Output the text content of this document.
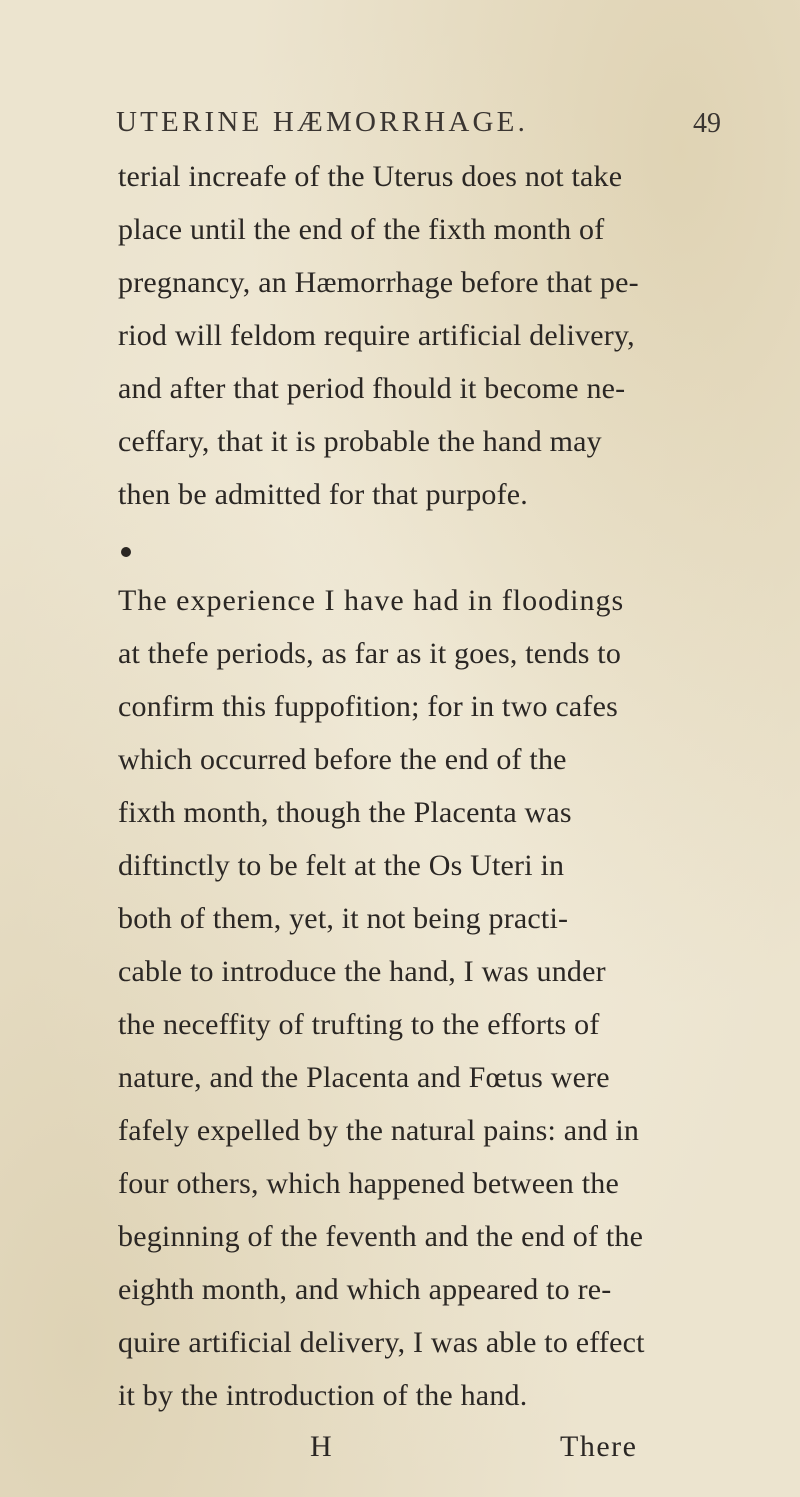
UTERINE HÆMORRHAGE.	49
terial increafe of the Uterus does not take
place until the end of the fixth month of
pregnancy, an Hæmorrhage before that pe-
riod will feldom require artificial delivery,
and after that period fhould it become ne-
ceffary, that it is probable the hand may
then be admitted for that purpofe.
The experience I have had in floodings
at thefe periods, as far as it goes, tends to
confirm this fuppofition; for in two cafes
which occurred before the end of the
fixth month, though the Placenta was
diftinctly to be felt at the Os Uteri in
both of them, yet, it not being practi-
cable to introduce the hand, I was under
the neceffity of trufting to the efforts of
nature, and the Placenta and Fœtus were
fafely expelled by the natural pains: and in
four others, which happened between the
beginning of the feventh and the end of the
eighth month, and which appeared to re-
quire artificial delivery, I was able to effect
it by the introduction of the hand.
H	There
